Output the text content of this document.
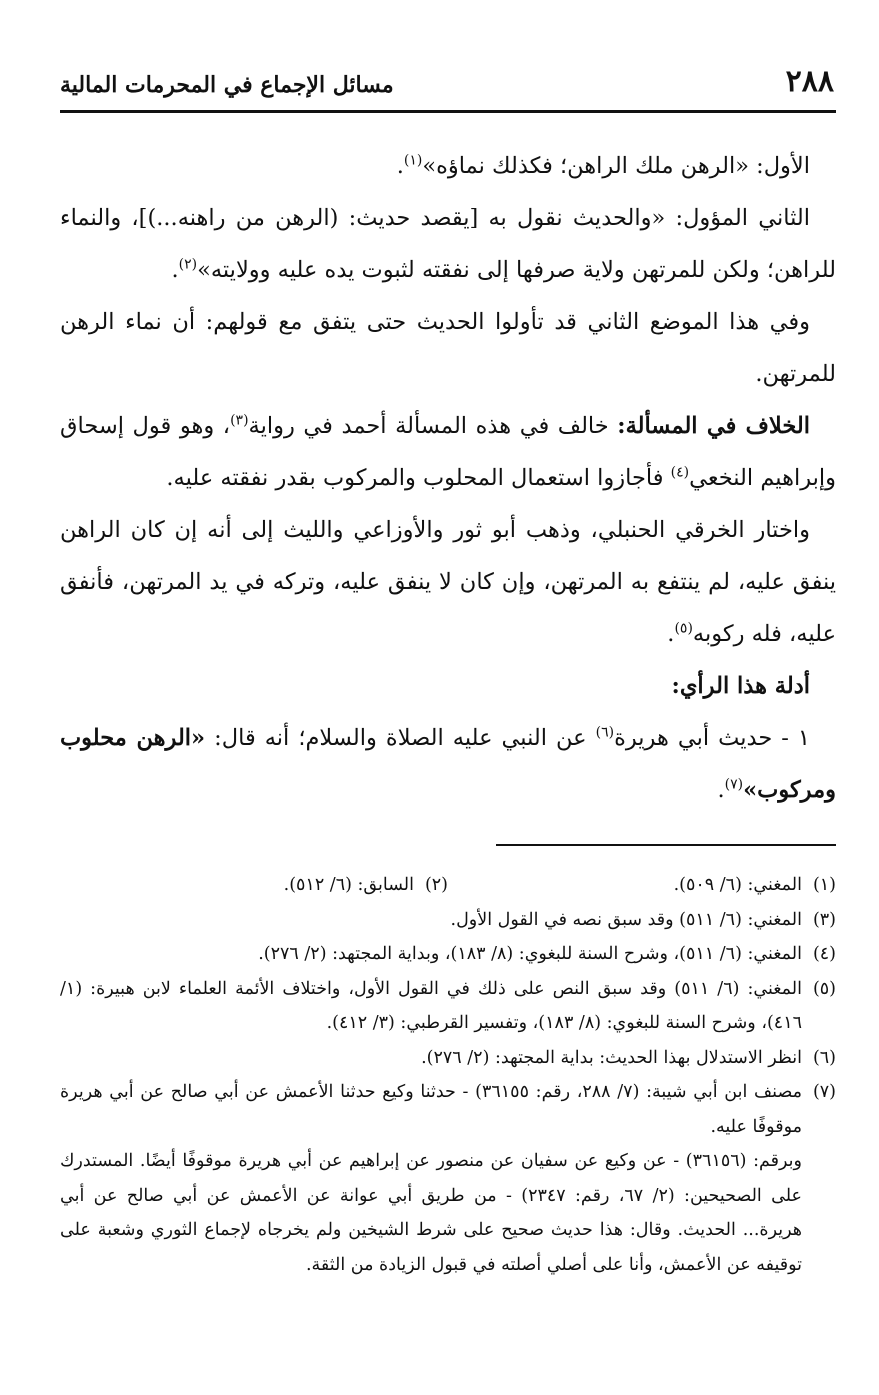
٢٨٨
مسائل الإجماع في المحرمات المالية

الأول: «الرهن ملك الراهن؛ فكذلك نماؤه»$^{(١)}$.

الثاني المؤول: «والحديث نقول به [يقصد حديث: (الرهن من راهنه...)]، والنماء للراهن؛ ولكن للمرتهن ولاية صرفها إلى نفقته لثبوت يده عليه وولايته»$^{(٢)}$.

وفي هذا الموضع الثاني قد تأولوا الحديث حتى يتفق مع قولهم: أن نماء الرهن للمرتهن.

الخلاف في المسألة: خالف في هذه المسألة أحمد في رواية$^{(٣)}$، وهو قول إسحاق وإبراهيم النخعي$^{(٤)}$ فأجازوا استعمال المحلوب والمركوب بقدر نفقته عليه.

واختار الخرقي الحنبلي، وذهب أبو ثور والأوزاعي والليث إلى أنه إن كان الراهن ينفق عليه، لم ينتفع به المرتهن، وإن كان لا ينفق عليه، وتركه في يد المرتهن، فأنفق عليه، فله ركوبه$^{(٥)}$.

أدلة هذا الرأي:

١ - حديث أبي هريرة$^{(٦)}$ عن النبي عليه الصلاة والسلام؛ أنه قال: «الرهن محلوب ومركوب»$^{(٧)}$.

(١)
المغني: (٦/ ٥٠٩).
(٢)
السابق: (٦/ ٥١٢).
(٣)
المغني: (٦/ ٥١١) وقد سبق نصه في القول الأول.
(٤)
المغني: (٦/ ٥١١)، وشرح السنة للبغوي: (٨/ ١٨٣)، وبداية المجتهد: (٢/ ٢٧٦).
(٥)
المغني: (٦/ ٥١١) وقد سبق النص على ذلك في القول الأول، واختلاف الأئمة العلماء لابن هبيرة: (١/ ٤١٦)، وشرح السنة للبغوي: (٨/ ١٨٣)، وتفسير القرطبي: (٣/ ٤١٢).
(٦)
انظر الاستدلال بهذا الحديث: بداية المجتهد: (٢/ ٢٧٦).
(٧)
مصنف ابن أبي شيبة: (٧/ ٢٨٨، رقم: ٣٦١٥٥) - حدثنا وكيع حدثنا الأعمش عن أبي صالح عن أبي هريرة موقوفًا عليه.
وبرقم: (٣٦١٥٦) - عن وكيع عن سفيان عن منصور عن إبراهيم عن أبي هريرة موقوفًا أيضًا. المستدرك على الصحيحين: (٢/ ٦٧، رقم: ٢٣٤٧) - من طريق أبي عوانة عن الأعمش عن أبي صالح عن أبي هريرة... الحديث. وقال: هذا حديث صحيح على شرط الشيخين ولم يخرجاه لإجماع الثوري وشعبة على توقيفه عن الأعمش، وأنا على أصلي أصلته في قبول الزيادة من الثقة.
